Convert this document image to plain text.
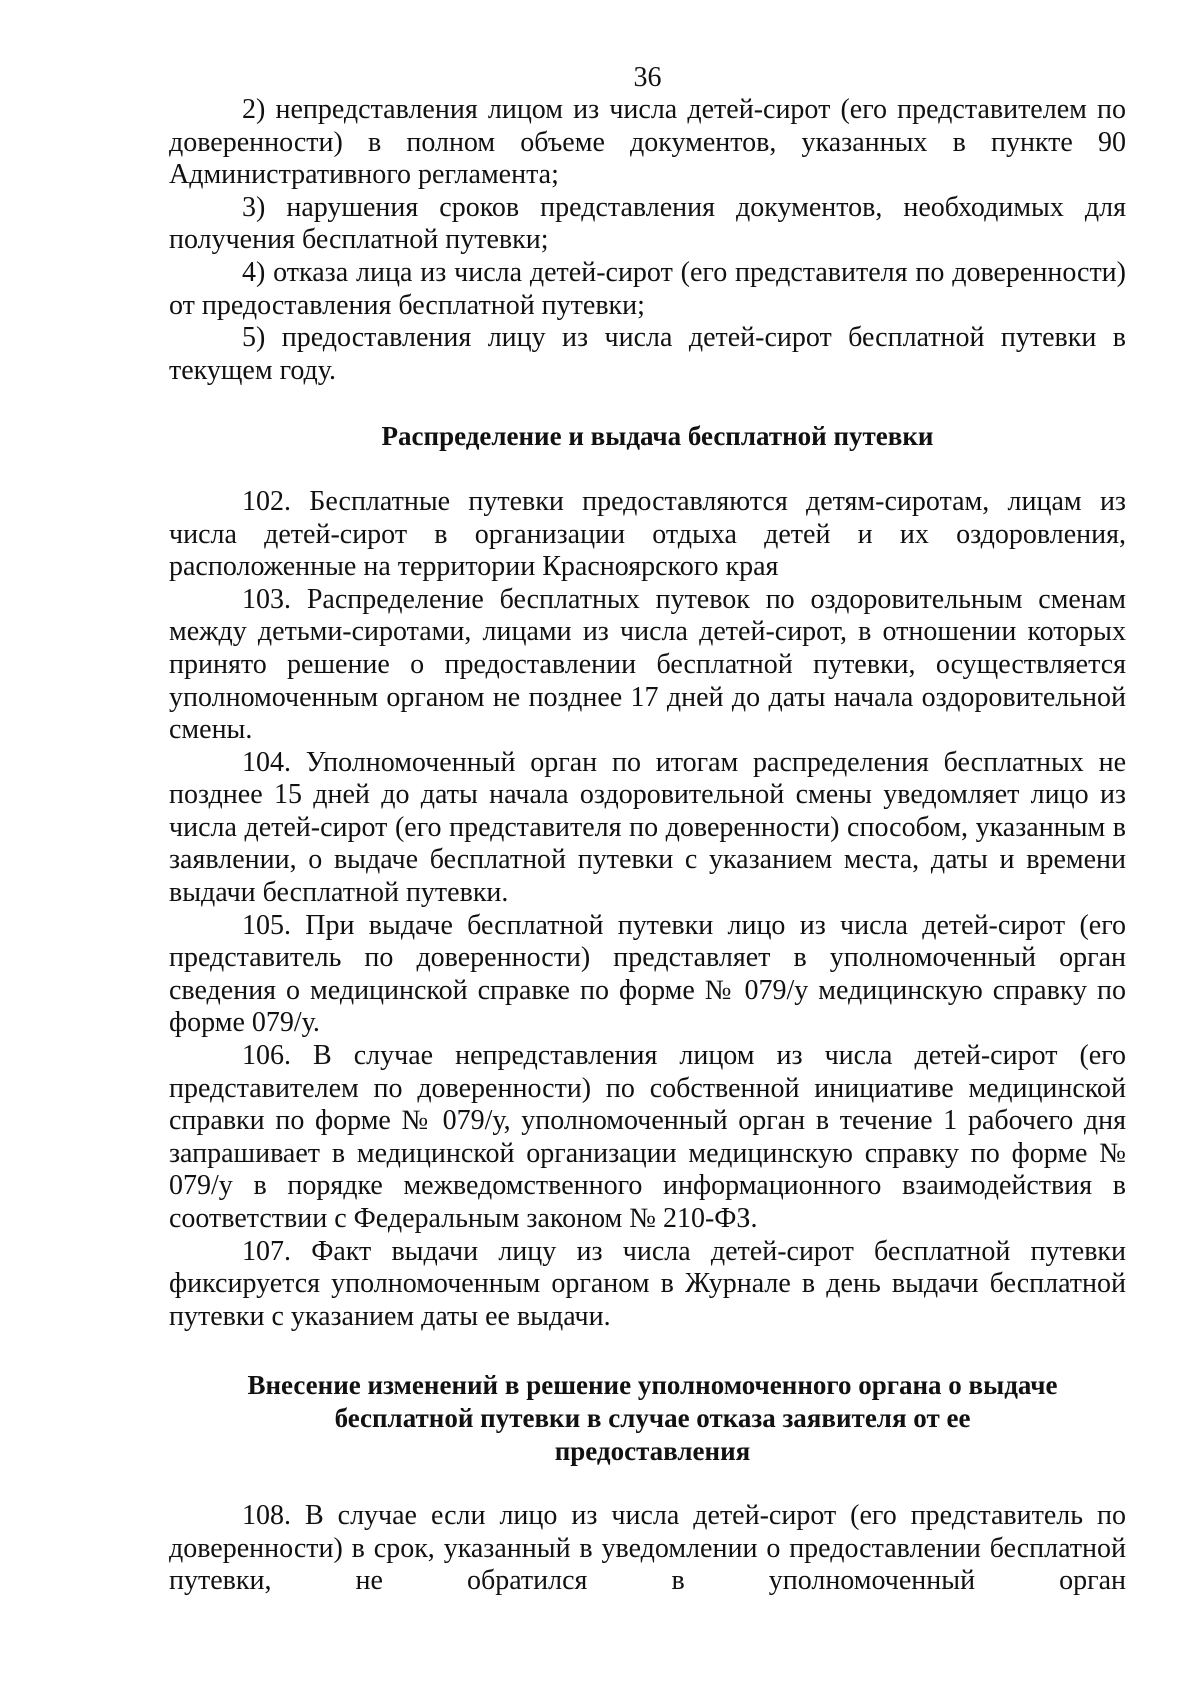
36

2) непредставления лицом из числа детей-сирот (его представителем по доверенности) в полном объеме документов, указанных в пункте 90 Административного регламента;

3) нарушения сроков представления документов, необходимых для получения бесплатной путевки;

4) отказа лица из числа детей-сирот (его представителя по доверенности) от предоставления бесплатной путевки;

5) предоставления лицу из числа детей-сирот бесплатной путевки в текущем году.

Распределение и выдача бесплатной путевки

102. Бесплатные путевки предоставляются детям-сиротам, лицам из числа детей-сирот в организации отдыха детей и их оздоровления, расположенные на территории Красноярского края

103. Распределение бесплатных путевок по оздоровительным сменам между детьми-сиротами, лицами из числа детей-сирот, в отношении которых принято решение о предоставлении бесплатной путевки, осуществляется уполномоченным органом не позднее 17 дней до даты начала оздоровительной смены.

104. Уполномоченный орган по итогам распределения бесплатных не позднее 15 дней до даты начала оздоровительной смены уведомляет лицо из числа детей-сирот (его представителя по доверенности) способом, указанным в заявлении, о выдаче бесплатной путевки с указанием места, даты и времени выдачи бесплатной путевки.

105. При выдаче бесплатной путевки лицо из числа детей-сирот (его представитель по доверенности) представляет в уполномоченный орган сведения о медицинской справке по форме № 079/у медицинскую справку по форме 079/у.

106. В случае непредставления лицом из числа детей-сирот (его представителем по доверенности) по собственной инициативе медицинской справки по форме № 079/у, уполномоченный орган в течение 1 рабочего дня запрашивает в медицинской организации медицинскую справку по форме № 079/у в порядке межведомственного информационного взаимодействия в соответствии с Федеральным законом № 210-ФЗ.

107. Факт выдачи лицу из числа детей-сирот бесплатной путевки фиксируется уполномоченным органом в Журнале в день выдачи бесплатной путевки с указанием даты ее выдачи.

Внесение изменений в решение уполномоченного органа о выдаче
бесплатной путевки в случае отказа заявителя от ее
предоставления

108. В случае если лицо из числа детей-сирот (его представитель по доверенности) в срок, указанный в уведомлении о предоставлении бесплатной путевки, не обратился в уполномоченный орган
